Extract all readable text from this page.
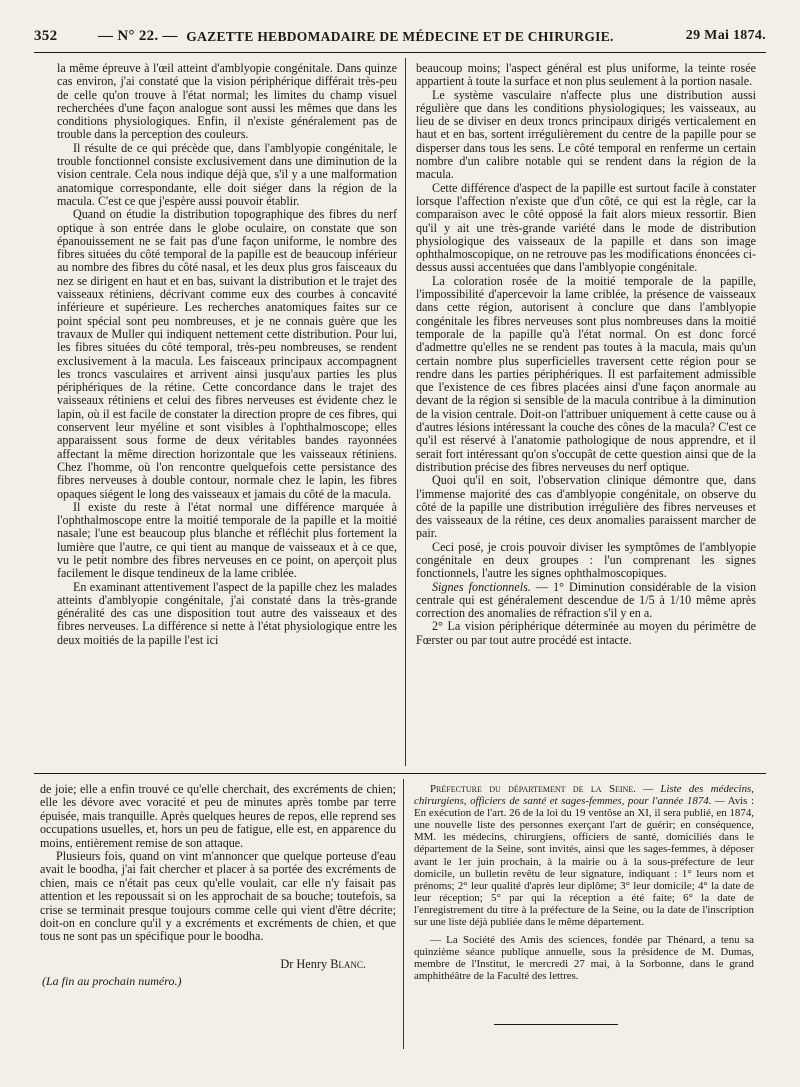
352	— N° 22. — GAZETTE HEBDOMADAIRE DE MÉDECINE ET DE CHIRURGIE.	29 Mai 1874.

la même épreuve à l'œil atteint d'amblyopie congénitale. Dans quinze cas environ, j'ai constaté que la vision périphérique différait très-peu de celle qu'on trouve à l'état normal; les limites du champ visuel recherchées d'une façon analogue sont aussi les mêmes que dans les conditions physiologiques. Enfin, il n'existe généralement pas de trouble dans la perception des couleurs.

Il résulte de ce qui précède que, dans l'amblyopie congénitale, le trouble fonctionnel consiste exclusivement dans une diminution de la vision centrale. Cela nous indique déjà que, s'il y a une malformation anatomique correspondante, elle doit siéger dans la région de la macula. C'est ce que j'espère aussi pouvoir établir.

Quand on étudie la distribution topographique des fibres du nerf optique à son entrée dans le globe oculaire, on constate que son épanouissement ne se fait pas d'une façon uniforme, le nombre des fibres situées du côté temporal de la papille est de beaucoup inférieur au nombre des fibres du côté nasal, et les deux plus gros faisceaux du nez se dirigent en haut et en bas, suivant la distribution et le trajet des vaisseaux rétiniens, décrivant comme eux des courbes à concavité inférieure et supérieure. Les recherches anatomiques faites sur ce point spécial sont peu nombreuses, et je ne connais guère que les travaux de Muller qui indiquent nettement cette distribution. Pour lui, les fibres situées du côté temporal, très-peu nombreuses, se rendent exclusivement à la macula. Les faisceaux principaux accompagnent les troncs vasculaires et arrivent ainsi jusqu'aux parties les plus périphériques de la rétine. Cette concordance dans le trajet des vaisseaux rétiniens et celui des fibres nerveuses est évidente chez le lapin, où il est facile de constater la direction propre de ces fibres, qui conservent leur myéline et sont visibles à l'ophthalmoscope; elles apparaissent sous forme de deux véritables bandes rayonnées affectant la même direction horizontale que les vaisseaux rétiniens. Chez l'homme, où l'on rencontre quelquefois cette persistance des fibres nerveuses à double contour, normale chez le lapin, les fibres opaques siégent le long des vaisseaux et jamais du côté de la macula.

Il existe du reste à l'état normal une différence marquée à l'ophthalmoscope entre la moitié temporale de la papille et la moitié nasale; l'une est beaucoup plus blanche et réfléchit plus fortement la lumière que l'autre, ce qui tient au manque de vaisseaux et à ce que, vu le petit nombre des fibres nerveuses en ce point, on aperçoit plus facilement le disque tendineux de la lame criblée.

En examinant attentivement l'aspect de la papille chez les malades atteints d'amblyopie congénitale, j'ai constaté dans la très-grande généralité des cas une disposition tout autre des vaisseaux et des fibres nerveuses. La différence si nette à l'état physiologique entre les deux moitiés de la papille l'est ici

beaucoup moins; l'aspect général est plus uniforme, la teinte rosée appartient à toute la surface et non plus seulement à la portion nasale.

Le système vasculaire n'affecte plus une distribution aussi régulière que dans les conditions physiologiques; les vaisseaux, au lieu de se diviser en deux troncs principaux dirigés verticalement en haut et en bas, sortent irrégulièrement du centre de la papille pour se disperser dans tous les sens. Le côté temporal en renferme un certain nombre d'un calibre notable qui se rendent dans la région de la macula.

Cette différence d'aspect de la papille est surtout facile à constater lorsque l'affection n'existe que d'un côté, ce qui est la règle, car la comparaison avec le côté opposé la fait alors mieux ressortir. Bien qu'il y ait une très-grande variété dans le mode de distribution physiologique des vaisseaux de la papille et dans son image ophthalmoscopique, on ne retrouve pas les modifications énoncées ci-dessus aussi accentuées que dans l'amblyopie congénitale.

La coloration rosée de la moitié temporale de la papille, l'impossibilité d'apercevoir la lame criblée, la présence de vaisseaux dans cette région, autorisent à conclure que dans l'amblyopie congénitale les fibres nerveuses sont plus nombreuses dans la moitié temporale de la papille qu'à l'état normal. On est donc forcé d'admettre qu'elles ne se rendent pas toutes à la macula, mais qu'un certain nombre plus superficielles traversent cette région pour se rendre dans les parties périphériques. Il est parfaitement admissible que l'existence de ces fibres placées ainsi d'une façon anormale au devant de la région si sensible de la macula contribue à la diminution de la vision centrale. Doit-on l'attribuer uniquement à cette cause ou à d'autres lésions intéressant la couche des cônes de la macula? C'est ce qu'il est réservé à l'anatomie pathologique de nous apprendre, et il serait fort intéressant qu'on s'occupât de cette question ainsi que de la distribution précise des fibres nerveuses du nerf optique.

Quoi qu'il en soit, l'observation clinique démontre que, dans l'immense majorité des cas d'amblyopie congénitale, on observe du côté de la papille une distribution irrégulière des fibres nerveuses et des vaisseaux de la rétine, ces deux anomalies paraissent marcher de pair.

Ceci posé, je crois pouvoir diviser les symptômes de l'amblyopie congénitale en deux groupes : l'un comprenant les signes fonctionnels, l'autre les signes ophthalmoscopiques.

Signes fonctionnels. — 1° Diminution considérable de la vision centrale qui est généralement descendue de 1/5 à 1/10 même après correction des anomalies de réfraction s'il y en a.

2° La vision périphérique déterminée au moyen du périmètre de Fœrster ou par tout autre procédé est intacte.

de joie; elle a enfin trouvé ce qu'elle cherchait, des excréments de chien; elle les dévore avec voracité et peu de minutes après tombe par terre épuisée, mais tranquille. Après quelques heures de repos, elle reprend ses occupations usuelles, et, hors un peu de fatigue, elle est, en apparence du moins, entièrement remise de son attaque.

Plusieurs fois, quand on vint m'annoncer que quelque porteuse d'eau avait le boodha, j'ai fait chercher et placer à sa portée des excréments de chien, mais ce n'était pas ceux qu'elle voulait, car elle n'y faisait pas attention et les repoussait si on les approchait de sa bouche; toutefois, sa crise se terminait presque toujours comme celle qui vient d'être décrite; doit-on en conclure qu'il y a excréments et excréments de chien, et que tous ne sont pas un spécifique pour le boodha.

Dr Henry Blanc.
(La fin au prochain numéro.)

Préfecture du département de la Seine. — Liste des médecins, chirurgiens, officiers de santé et sages-femmes, pour l'année 1874. — Avis : En exécution de l'art. 26 de la loi du 19 ventôse an XI, il sera publié, en 1874, une nouvelle liste des personnes exerçant l'art de guérir; en conséquence, MM. les médecins, chirurgiens, officiers de santé, domiciliés dans le département de la Seine, sont invités, ainsi que les sages-femmes, à déposer avant le 1er juin prochain, à la mairie ou à la sous-préfecture de leur domicile, un bulletin revêtu de leur signature, indiquant : 1° leurs nom et prénoms; 2° leur qualité d'après leur diplôme; 3° leur domicile; 4° la date de leur réception; 5° par qui la réception a été faite; 6° la date de l'enregistrement du titre à la préfecture de la Seine, ou la date de l'inscription sur une liste déjà publiée dans le même département.

— La Société des Amis des sciences, fondée par Thénard, a tenu sa quinzième séance publique annuelle, sous la présidence de M. Dumas, membre de l'Institut, le mercredi 27 mai, à la Sorbonne, dans le grand amphithéâtre de la Faculté des lettres.
